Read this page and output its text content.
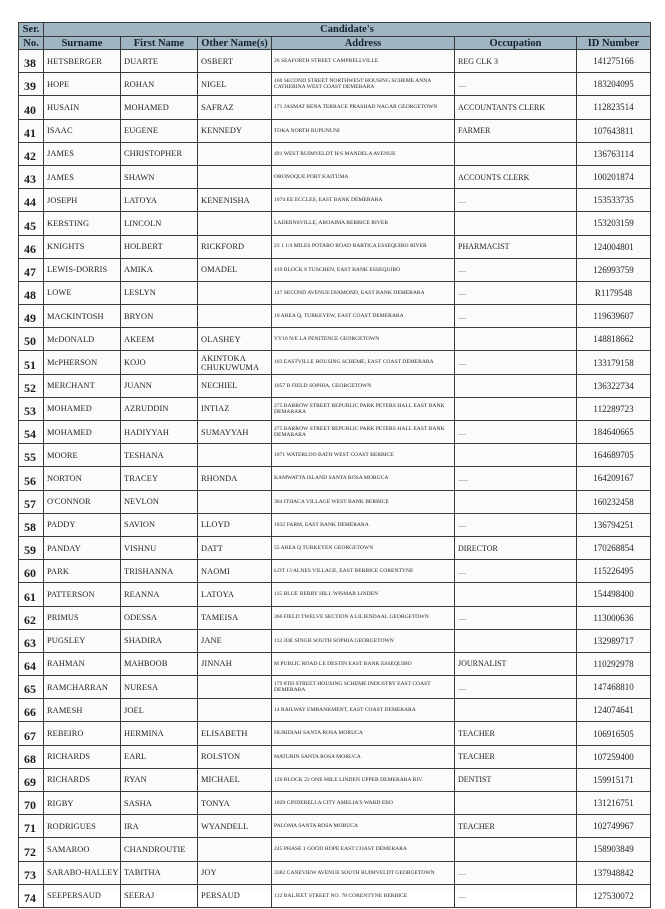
Ser.	Candidate's					
No.	Surname	First Name	Other Name(s)	Address	Occupation	ID Number
38	HETSBERGER	DUARTE	OSBERT	26 SEAFORTH STREET CAMPBELLVILLE	REG CLK 3	141275166
39	HOPE	ROHAN	NIGEL	160 SECOND STREET NORTHWEST HOUSING SCHEME ANNA CATHERINA WEST COAST DEMERARA	....	183204095
40	HUSAIN	MOHAMED	SAFRAZ	171 JASMAT BENA TERRACE PRASHAD NAGAR GEORGETOWN	ACCOUNTANTS CLERK	112823514
41	ISAAC	EUGENE	KENNEDY	TOKA NORTH RUPUNUNI	FARMER	107643811
42	JAMES	CHRISTOPHER		491 WEST RUIMVELDT H/S MANDELA AVENUE		136763114
43	JAMES	SHAWN		ORONOQUE PORT KAITUMA	ACCOUNTS CLERK	100201874
44	JOSEPH	LATOYA	KENENISHA	1074 EE ECCLES, EAST BANK DEMERARA	....	153533735
45	KERSTING	LINCOLN		LADERNSVILLE, AROAIMA BERBICE RIVER		153203159
46	KNIGHTS	HOLBERT	RICKFORD	23 1 1/4 MILES POTARO ROAD BARTICA ESSEQUIBO RIVER	PHARMACIST	124004801
47	LEWIS-DORRIS	AMIKA	OMADEL	419 BLOCK 8 TUSCHEN, EAST BANK ESSEQUIBO	....	126993759
48	LOWE	LESLYN		147 SECOND AVENUE DIAMOND, EAST BANK DEMERARA	....	R1179548
49	MACKINTOSH	BRYON		10 AREA Q, TURKEYEW, EAST COAST DEMERARA	....	119639607
50	McDONALD	AKEEM	OLASHEY	YY10 N/E LA PENITENCE GEORGETOWN		148818662
51	McPHERSON	KOJO	AKINTOKA CHUKUWUMA	163 EASTVILLE HOUSING SCHEME, EAST COAST DEMERARA	....	133179158
52	MERCHANT	JUANN	NECHIEL	1057 B FIELD SOPHIA, GEORGETOWN		136322734
53	MOHAMED	AZRUDDIN	INTIAZ	275 BARROW STREET REPUBLIC PARK PETERS HALL EAST BANK DEMARARA		112289723
54	MOHAMED	HADIYYAH	SUMAYYAH	275 BARROW STREET REPUBLIC PARK PETERS HALL EAST BANK DEMARARA	....	184640665
55	MOORE	TESHANA		1071 WATERLOO BATH WEST COAST BERBICE		164689705
56	NORTON	TRACEY	RHONDA	KAMWATTA ISLAND SANTA ROSA MORUCA	.....	164209167
57	O'CONNOR	NEVLON		304 ITHACA VILLAGE WEST BANK BERBICE		160232458
58	PADDY	SAVION	LLOYD	1832 FARM, EAST BANK DEMERARA	....	136794251
59	PANDAY	VISHNU	DATT	55 AREA Q TURKEYEN GEORGETOWN	DIRECTOR	170268854
60	PARK	TRISHANNA	NAOMI	LOT 13 ALNES VILLAGE, EAST BERBICE CORENTYNE	....	115226495
61	PATTERSON	REANNA	LATOYA	115 BLUE BERRY HILL WISMAR LINDEN		154498400
62	PRIMUS	ODESSA	TAMEISA	366 FIELD TWELVE SECTION A LILIENDAAL GEORGETOWN	....	113000636
63	PUGSLEY	SHADIRA	JANE	112 JOE SINGH SOUTH SOPHIA GEORGETOWN		132989717
64	RAHMAN	MAHBOOB	JINNAH	M PUBLIC ROAD LE DESTIN EAST BANK ESSEQUIBO	JOURNALIST	110292978
65	RAMCHARRAN	NURESA		179 8TH STREET HOUSING SCHEME INDUSTRY EAST COAST DEMERARA	....	147468810
66	RAMESH	JOEL		14 RAILWAY EMBANKMENT, EAST COAST DEMERARA		124074641
67	REBEIRO	HERMINA	ELISABETH	HURIDIAH SANTA ROSA MORUCA	TEACHER	106916505
68	RICHARDS	EARL	ROLSTON	MATURIN SANTA ROSA MORUCA	TEACHER	107259400
69	RICHARDS	RYAN	MICHAEL	126 BLOCK 22 ONE MILE LINDEN UPPER DEMERARA RIV.	DENTIST	159915171
70	RIGBY	SASHA	TONYA	1029 CINDERELLA CITY AMELIA'S WARD EBO		131216751
71	RODRIGUES	IRA	WYANDELL	PALOMA SANTA ROSA MORUCA	TEACHER	102749967
72	SAMAROO	CHANDROUTIE		245 PHASE 1 GOOD HOPE EAST COAST DEMERARA		158903849
73	SARABO-HALLEY	TABITHA	JOY	3382 CANEVIEW AVENUE SOUTH RUIMVELDT GEORGETOWN	....	137948842
74	SEEPERSAUD	SEERAJ	PERSAUD	132 BALJEET STREET NO. 78 CORENTYNE BERBICE	....	127530072
